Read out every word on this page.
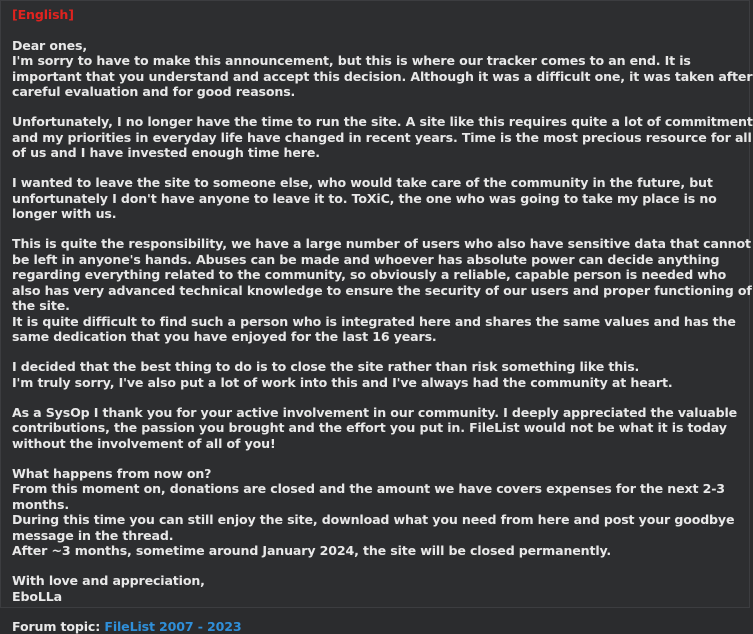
[English]
Dear ones,
I'm sorry to have to make this announcement, but this is where our tracker comes to an end. It is
important that you understand and accept this decision. Although it was a difficult one, it was taken after
careful evaluation and for good reasons.
Unfortunately, I no longer have the time to run the site. A site like this requires quite a lot of commitment
and my priorities in everyday life have changed in recent years. Time is the most precious resource for all
of us and I have invested enough time here.
I wanted to leave the site to someone else, who would take care of the community in the future, but
unfortunately I don't have anyone to leave it to. ToXiC, the one who was going to take my place is no
longer with us.
This is quite the responsibility, we have a large number of users who also have sensitive data that cannot
be left in anyone's hands. Abuses can be made and whoever has absolute power can decide anything
regarding everything related to the community, so obviously a reliable, capable person is needed who
also has very advanced technical knowledge to ensure the security of our users and proper functioning of
the site.
It is quite difficult to find such a person who is integrated here and shares the same values and has the
same dedication that you have enjoyed for the last 16 years.
I decided that the best thing to do is to close the site rather than risk something like this.
I'm truly sorry, I've also put a lot of work into this and I've always had the community at heart.
As a SysOp I thank you for your active involvement in our community. I deeply appreciated the valuable
contributions, the passion you brought and the effort you put in. FileList would not be what it is today
without the involvement of all of you!
What happens from now on?
From this moment on, donations are closed and the amount we have covers expenses for the next 2-3
months.
During this time you can still enjoy the site, download what you need from here and post your goodbye
message in the thread.
After ~3 months, sometime around January 2024, the site will be closed permanently.
With love and appreciation,
EboLLa
Forum topic: FileList 2007 - 2023
